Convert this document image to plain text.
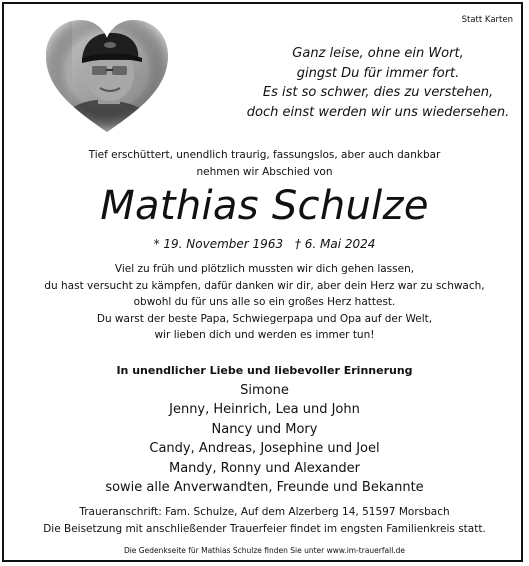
Statt Karten
Ganz leise, ohne ein Wort,
gingst Du für immer fort.
Es ist so schwer, dies zu verstehen,
doch einst werden wir uns wiedersehen.
Tief erschüttert, unendlich traurig, fassungslos, aber auch dankbar
nehmen wir Abschied von
Mathias Schulze
* 19. November 1963 † 6. Mai 2024
Viel zu früh und plötzlich mussten wir dich gehen lassen,
du hast versucht zu kämpfen, dafür danken wir dir, aber dein Herz war zu schwach,
obwohl du für uns alle so ein großes Herz hattest.
Du warst der beste Papa, Schwiegerpapa und Opa auf der Welt,
wir lieben dich und werden es immer tun!
In unendlicher Liebe und liebevoller Erinnerung
Simone
Jenny, Heinrich, Lea und John
Nancy und Mory
Candy, Andreas, Josephine und Joel
Mandy, Ronny und Alexander
sowie alle Anverwandten, Freunde und Bekannte
Traueranschrift: Fam. Schulze, Auf dem Alzerberg 14, 51597 Morsbach
Die Beisetzung mit anschließender Trauerfeier findet im engsten Familienkreis statt.
Die Gedenkseite für Mathias Schulze finden Sie unter www.im-trauerfall.de
